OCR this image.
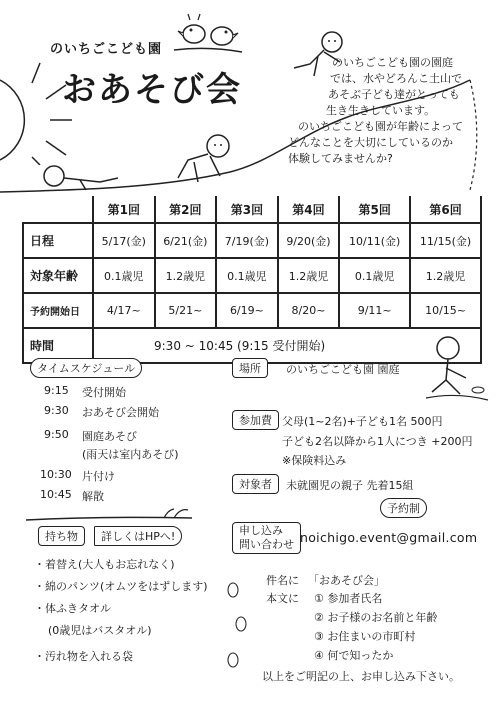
のいちごこども園
おあそび会
のいちごこども園の園庭
では、水やどろんこ土山で
あそぶ子ども達がとっても
生き生きしています。
のいちごこども園が年齢によって
どんなことを大切にしているのか
体験してみませんか?
	第1回	第2回	第3回	第4回	第5回	第6回
日程	5/17(金)	6/21(金)	7/19(金)	9/20(金)	10/11(金)	11/15(金)
対象年齢	0.1歳児	1.2歳児	0.1歳児	1.2歳児	0.1歳児	1.2歳児
予約開始日	4/17~	5/21~	6/19~	8/20~	9/11~	10/15~
時間	9:30 ~ 10:45 (9:15 受付開始)					
タイムスケジュール
9:15 受付開始
9:30 おあそび会開始
9:50 園庭あそび
(雨天は室内あそび)
10:30 片付け
10:45 解散
持ち物	詳しくはHPへ!
・着替え(大人もお忘れなく)
・綿のパンツ(オムツをはずします)
・体ふきタオル
(0歳児はバスタオル)
・汚れ物を入れる袋
場所	のいちごこども園 園庭
参加費 父母(1~2名)+子ども1名 500円
子ども2名以降から1人につき +200円
※保険料込み
対象者	未就園児の親子 先着15組
予約制
申し込み
問い合わせ noichigo.event@gmail.com
件名に 「おあそび会」
本文に ① 参加者氏名
② お子様のお名前と年齢
③ お住まいの市町村
④ 何で知ったか
以上をご明記の上、お申し込み下さい。
